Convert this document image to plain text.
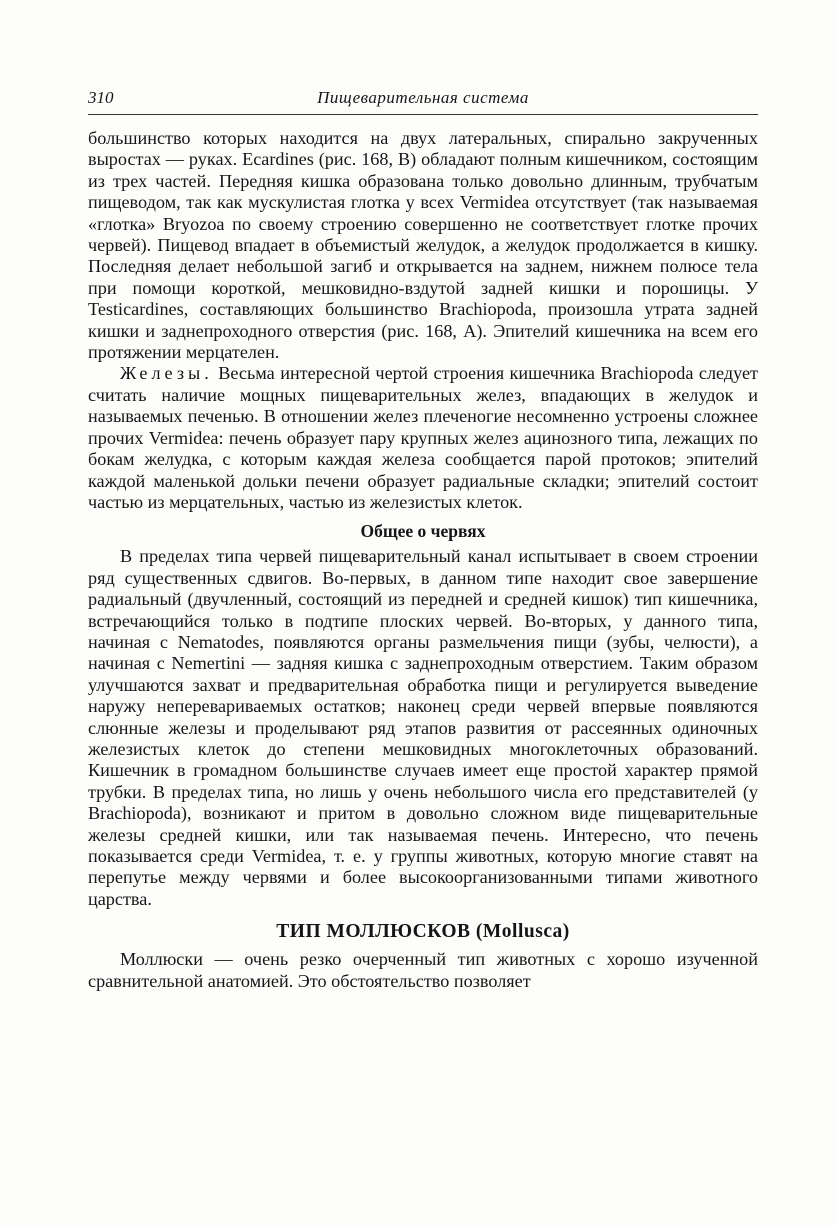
310	Пищеварительная система

большинство которых находится на двух латеральных, спирально закрученных выростах — руках. Ecardines (рис. 168, B) обладают полным кишечником, состоящим из трех частей. Передняя кишка образована только довольно длинным, трубчатым пищеводом, так как мускулистая глотка у всех Vermidea отсутствует (так называемая «глотка» Bryozoa по своему строению совершенно не соответствует глотке прочих червей). Пищевод впадает в объемистый желудок, а желудок продолжается в кишку. Последняя делает небольшой загиб и открывается на заднем, нижнем полюсе тела при помощи короткой, мешковидно-вздутой задней кишки и порошицы. У Testicardines, составляющих большинство Brachiopoda, произошла утрата задней кишки и заднепроходного отверстия (рис. 168, A). Эпителий кишечника на всем его протяжении мерцателен.

Железы. Весьма интересной чертой строения кишечника Brachiopoda следует считать наличие мощных пищеварительных желез, впадающих в желудок и называемых печенью. В отношении желез плеченогие несомненно устроены сложнее прочих Vermidea: печень образует пару крупных желез ацинозного типа, лежащих по бокам желудка, с которым каждая железа сообщается парой протоков; эпителий каждой маленькой дольки печени образует радиальные складки; эпителий состоит частью из мерцательных, частью из железистых клеток.

Общее о червях

В пределах типа червей пищеварительный канал испытывает в своем строении ряд существенных сдвигов. Во-первых, в данном типе находит свое завершение радиальный (двучленный, состоящий из передней и средней кишок) тип кишечника, встречающийся только в подтипе плоских червей. Во-вторых, у данного типа, начиная с Nematodes, появляются органы размельчения пищи (зубы, челюсти), а начиная с Nemertini — задняя кишка с заднепроходным отверстием. Таким образом улучшаются захват и предварительная обработка пищи и регулируется выведение наружу неперевариваемых остатков; наконец среди червей впервые появляются слюнные железы и проделывают ряд этапов развития от рассеянных одиночных железистых клеток до степени мешковидных многоклеточных образований. Кишечник в громадном большинстве случаев имеет еще простой характер прямой трубки. В пределах типа, но лишь у очень небольшого числа его представителей (у Brachiopoda), возникают и притом в довольно сложном виде пищеварительные железы средней кишки, или так называемая печень. Интересно, что печень показывается среди Vermidea, т. е. у группы животных, которую многие ставят на перепутье между червями и более высокоорганизованными типами животного царства.

ТИП МОЛЛЮСКОВ (Mollusca)

Моллюски — очень резко очерченный тип животных с хорошо изученной сравнительной анатомией. Это обстоятельство позволяет
